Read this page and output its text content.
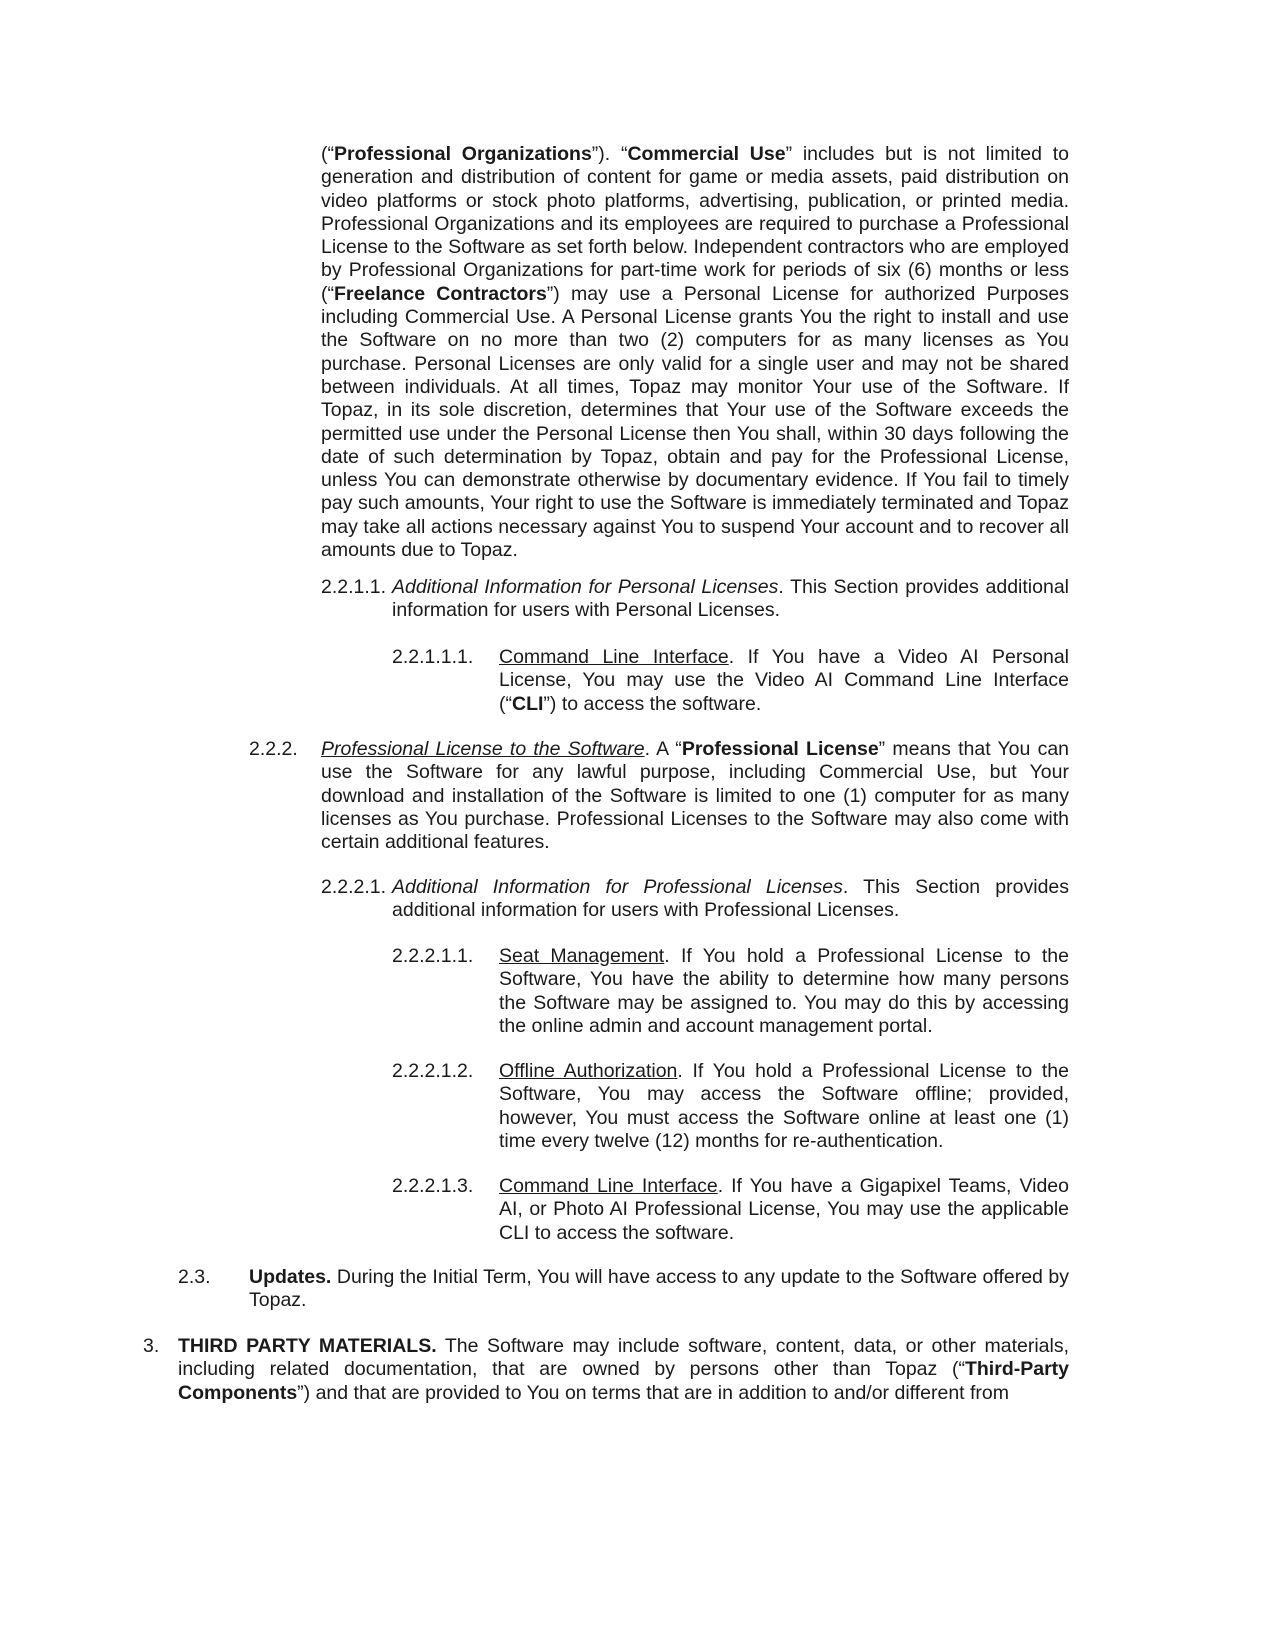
(“Professional Organizations”). “Commercial Use” includes but is not limited to generation and distribution of content for game or media assets, paid distribution on video platforms or stock photo platforms, advertising, publication, or printed media. Professional Organizations and its employees are required to purchase a Professional License to the Software as set forth below. Independent contractors who are employed by Professional Organizations for part-time work for periods of six (6) months or less (“Freelance Contractors”) may use a Personal License for authorized Purposes including Commercial Use. A Personal License grants You the right to install and use the Software on no more than two (2) computers for as many licenses as You purchase. Personal Licenses are only valid for a single user and may not be shared between individuals. At all times, Topaz may monitor Your use of the Software. If Topaz, in its sole discretion, determines that Your use of the Software exceeds the permitted use under the Personal License then You shall, within 30 days following the date of such determination by Topaz, obtain and pay for the Professional License, unless You can demonstrate otherwise by documentary evidence. If You fail to timely pay such amounts, Your right to use the Software is immediately terminated and Topaz may take all actions necessary against You to suspend Your account and to recover all amounts due to Topaz.

2.2.1.1. Additional Information for Personal Licenses. This Section provides additional information for users with Personal Licenses.

2.2.1.1.1. Command Line Interface. If You have a Video AI Personal License, You may use the Video AI Command Line Interface (“CLI”) to access the software.

2.2.2. Professional License to the Software. A “Professional License” means that You can use the Software for any lawful purpose, including Commercial Use, but Your download and installation of the Software is limited to one (1) computer for as many licenses as You purchase. Professional Licenses to the Software may also come with certain additional features.

2.2.2.1. Additional Information for Professional Licenses. This Section provides additional information for users with Professional Licenses.

2.2.2.1.1. Seat Management. If You hold a Professional License to the Software, You have the ability to determine how many persons the Software may be assigned to. You may do this by accessing the online admin and account management portal.

2.2.2.1.2. Offline Authorization. If You hold a Professional License to the Software, You may access the Software offline; provided, however, You must access the Software online at least one (1) time every twelve (12) months for re-authentication.

2.2.2.1.3. Command Line Interface. If You have a Gigapixel Teams, Video AI, or Photo AI Professional License, You may use the applicable CLI to access the software.

2.3. Updates. During the Initial Term, You will have access to any update to the Software offered by Topaz.

3. THIRD PARTY MATERIALS. The Software may include software, content, data, or other materials, including related documentation, that are owned by persons other than Topaz (“Third-Party Components”) and that are provided to You on terms that are in addition to and/or different from
